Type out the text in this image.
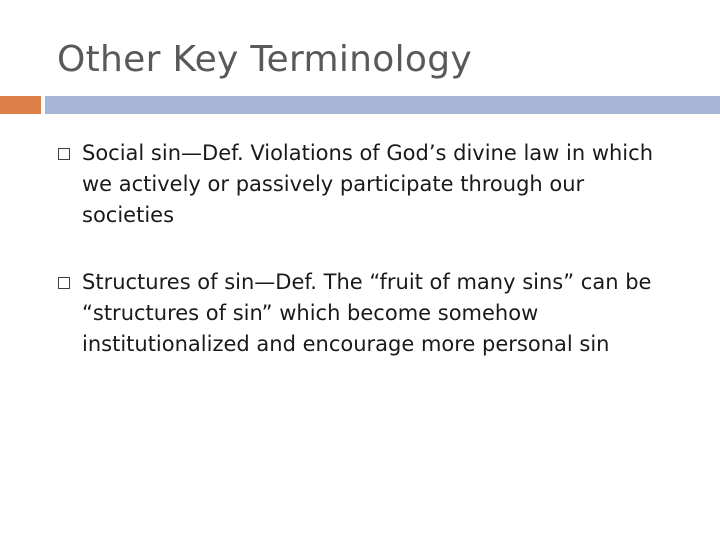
Other Key Terminology
Social sin—Def. Violations of God’s divine law in which we actively or passively participate through our societies
Structures of sin—Def. The “fruit of many sins” can be “structures of sin” which become somehow institutionalized and encourage more personal sin
